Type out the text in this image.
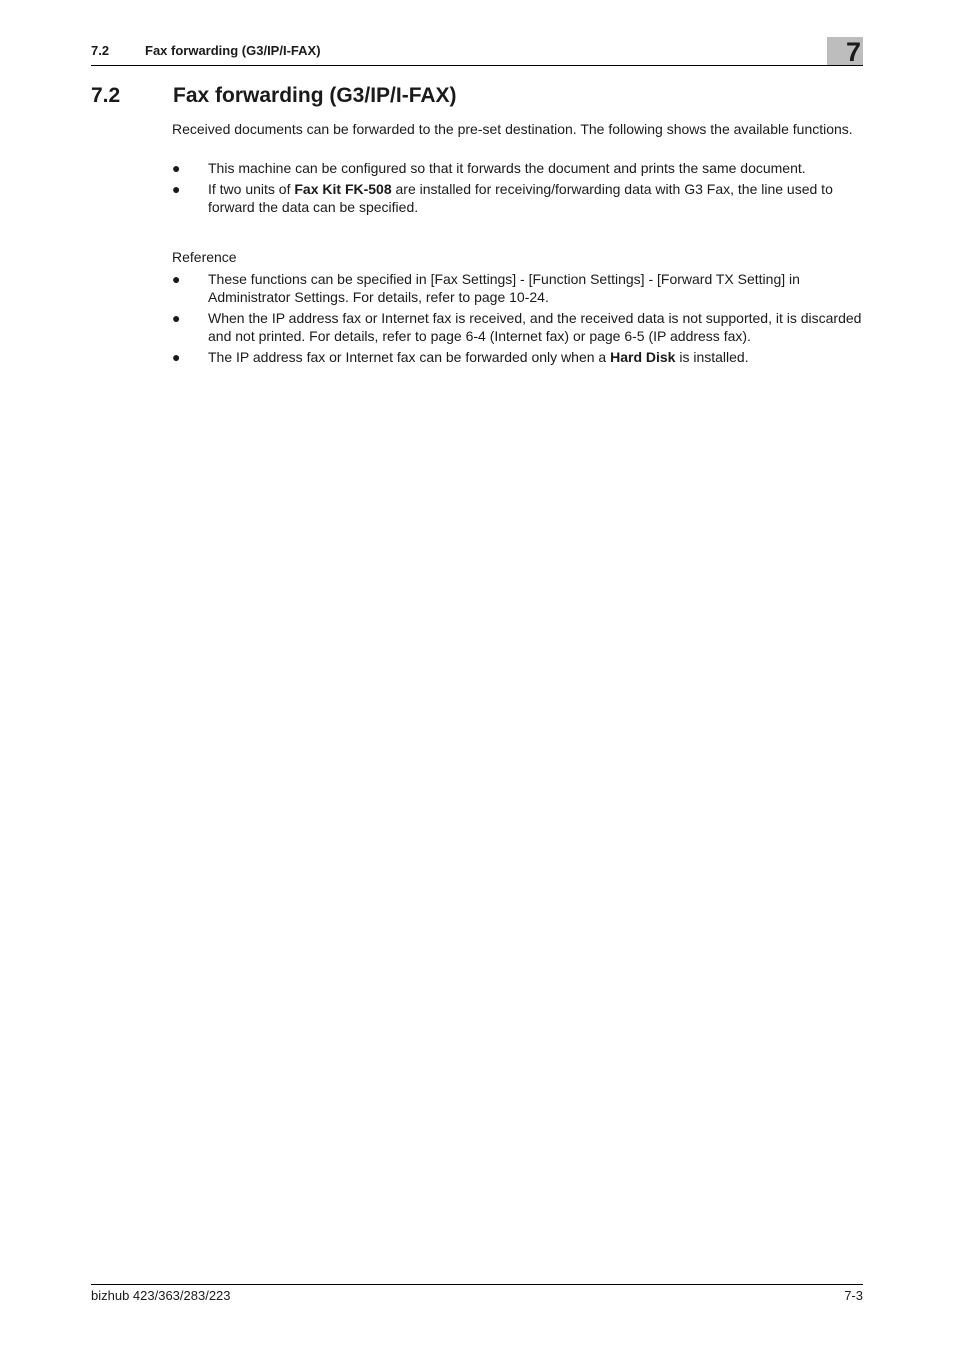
7.2	Fax forwarding (G3/IP/I-FAX)	7
7.2	Fax forwarding (G3/IP/I-FAX)

Received documents can be forwarded to the pre-set destination. The following shows the available functions.

● This machine can be configured so that it forwards the document and prints the same document.
● If two units of Fax Kit FK-508 are installed for receiving/forwarding data with G3 Fax, the line used to forward the data can be specified.

Reference

● These functions can be specified in [Fax Settings] - [Function Settings] - [Forward TX Setting] in Administrator Settings. For details, refer to page 10-24.
● When the IP address fax or Internet fax is received, and the received data is not supported, it is discarded and not printed. For details, refer to page 6-4 (Internet fax) or page 6-5 (IP address fax).
● The IP address fax or Internet fax can be forwarded only when a Hard Disk is installed.
bizhub 423/363/283/223	7-3
